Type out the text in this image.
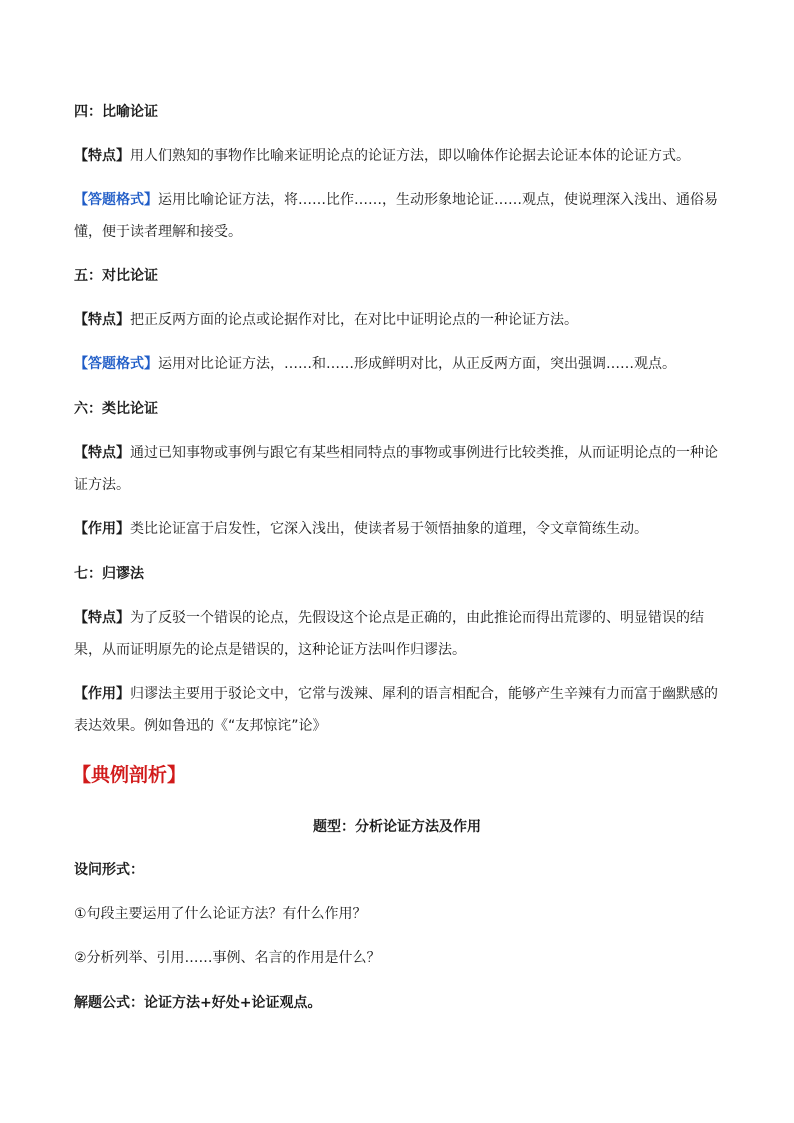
四：比喻论证

【特点】用人们熟知的事物作比喻来证明论点的论证方法，即以喻体作论据去论证本体的论证方式。

【答题格式】运用比喻论证方法，将……比作……，生动形象地论证……观点，使说理深入浅出、通俗易懂，便于读者理解和接受。

五：对比论证

【特点】把正反两方面的论点或论据作对比，在对比中证明论点的一种论证方法。

【答题格式】运用对比论证方法，……和……形成鲜明对比，从正反两方面，突出强调……观点。

六：类比论证

【特点】通过已知事物或事例与跟它有某些相同特点的事物或事例进行比较类推，从而证明论点的一种论证方法。

【作用】类比论证富于启发性，它深入浅出，使读者易于领悟抽象的道理，令文章简练生动。

七：归谬法

【特点】为了反驳一个错误的论点，先假设这个论点是正确的，由此推论而得出荒谬的、明显错误的结果，从而证明原先的论点是错误的，这种论证方法叫作归谬法。

【作用】归谬法主要用于驳论文中，它常与泼辣、犀利的语言相配合，能够产生辛辣有力而富于幽默感的表达效果。例如鲁迅的《“友邦惊诧”论》

【典例剖析】
题型：分析论证方法及作用
设问形式：
①句段主要运用了什么论证方法？有什么作用？
②分析列举、引用……事例、名言的作用是什么？
解题公式：论证方法+好处+论证观点。
